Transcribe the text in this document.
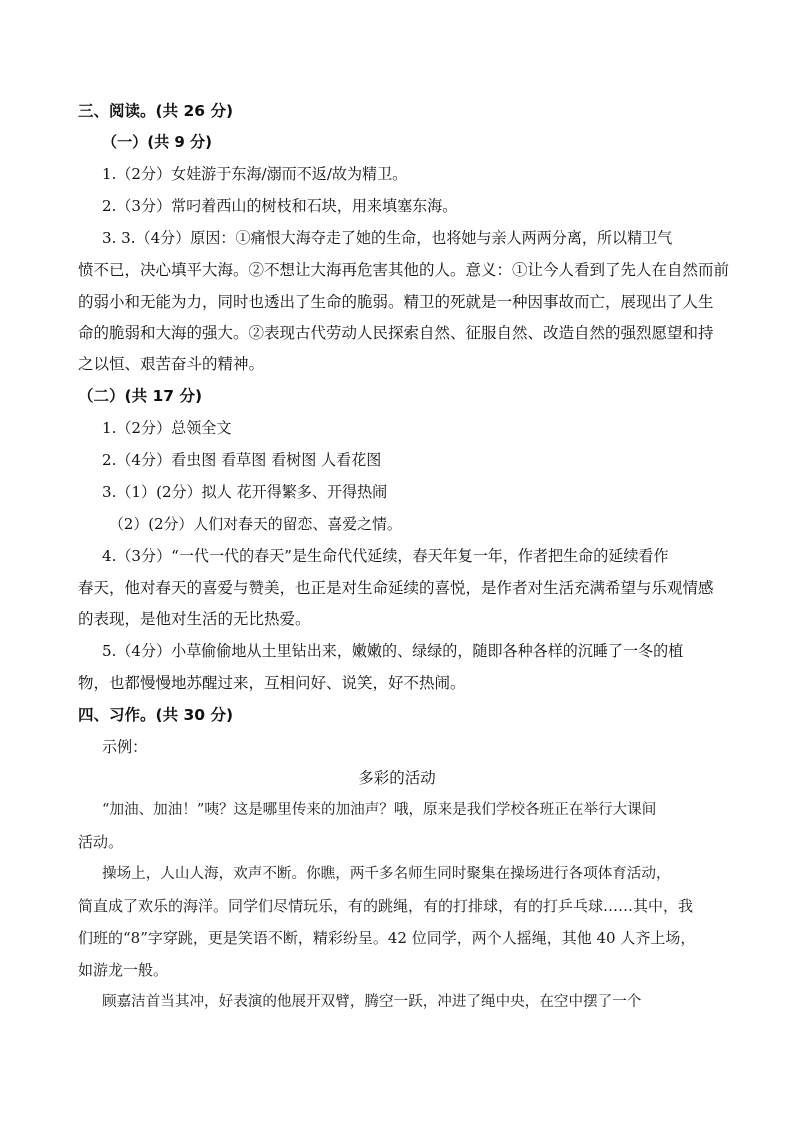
三、阅读。(共 26 分)
（一）(共 9 分)
1.（2分）女娃游于东海/溺而不返/故为精卫。
2.（3分）常叼着西山的树枝和石块，用来填塞东海。
3. 3.（4分）原因：①痛恨大海夺走了她的生命，也将她与亲人两两分离，所以精卫气
愤不已，决心填平大海。②不想让大海再危害其他的人。意义：①让今人看到了先人在自然而前
的弱小和无能为力，同时也透出了生命的脆弱。精卫的死就是一种因事故而亡，展现出了人生
命的脆弱和大海的强大。②表现古代劳动人民探索自然、征服自然、改造自然的强烈愿望和持
之以恒、艰苦奋斗的精神。
（二）(共 17 分)
1.（2分）总领全文
2.（4分）看虫图 看草图 看树图 人看花图
3.（1）(2分）拟人 花开得繁多、开得热闹
（2）(2分）人们对春天的留恋、喜爱之情。
4.（3分）“一代一代的春天”是生命代代延续，春天年复一年，作者把生命的延续看作
春天，他对春天的喜爱与赞美，也正是对生命延续的喜悦，是作者对生活充满希望与乐观情感
的表现，是他对生活的无比热爱。
5.（4分）小草偷偷地从土里钻出来，嫩嫩的、绿绿的，随即各种各样的沉睡了一冬的植
物，也都慢慢地苏醒过来，互相问好、说笑，好不热闹。
四、习作。(共 30 分)
示例：
多彩的活动
“加油、加油！”咦？这是哪里传来的加油声？哦，原来是我们学校各班正在举行大课间
活动。
操场上，人山人海，欢声不断。你瞧，两千多名师生同时聚集在操场进行各项体育活动，
简直成了欢乐的海洋。同学们尽情玩乐，有的跳绳，有的打排球，有的打乒乓球……其中，我
们班的“8”字穿跳，更是笑语不断，精彩纷呈。42 位同学，两个人摇绳，其他 40 人齐上场，
如游龙一般。
顾嘉洁首当其冲，好表演的他展开双臂，腾空一跃，冲进了绳中央，在空中摆了一个
